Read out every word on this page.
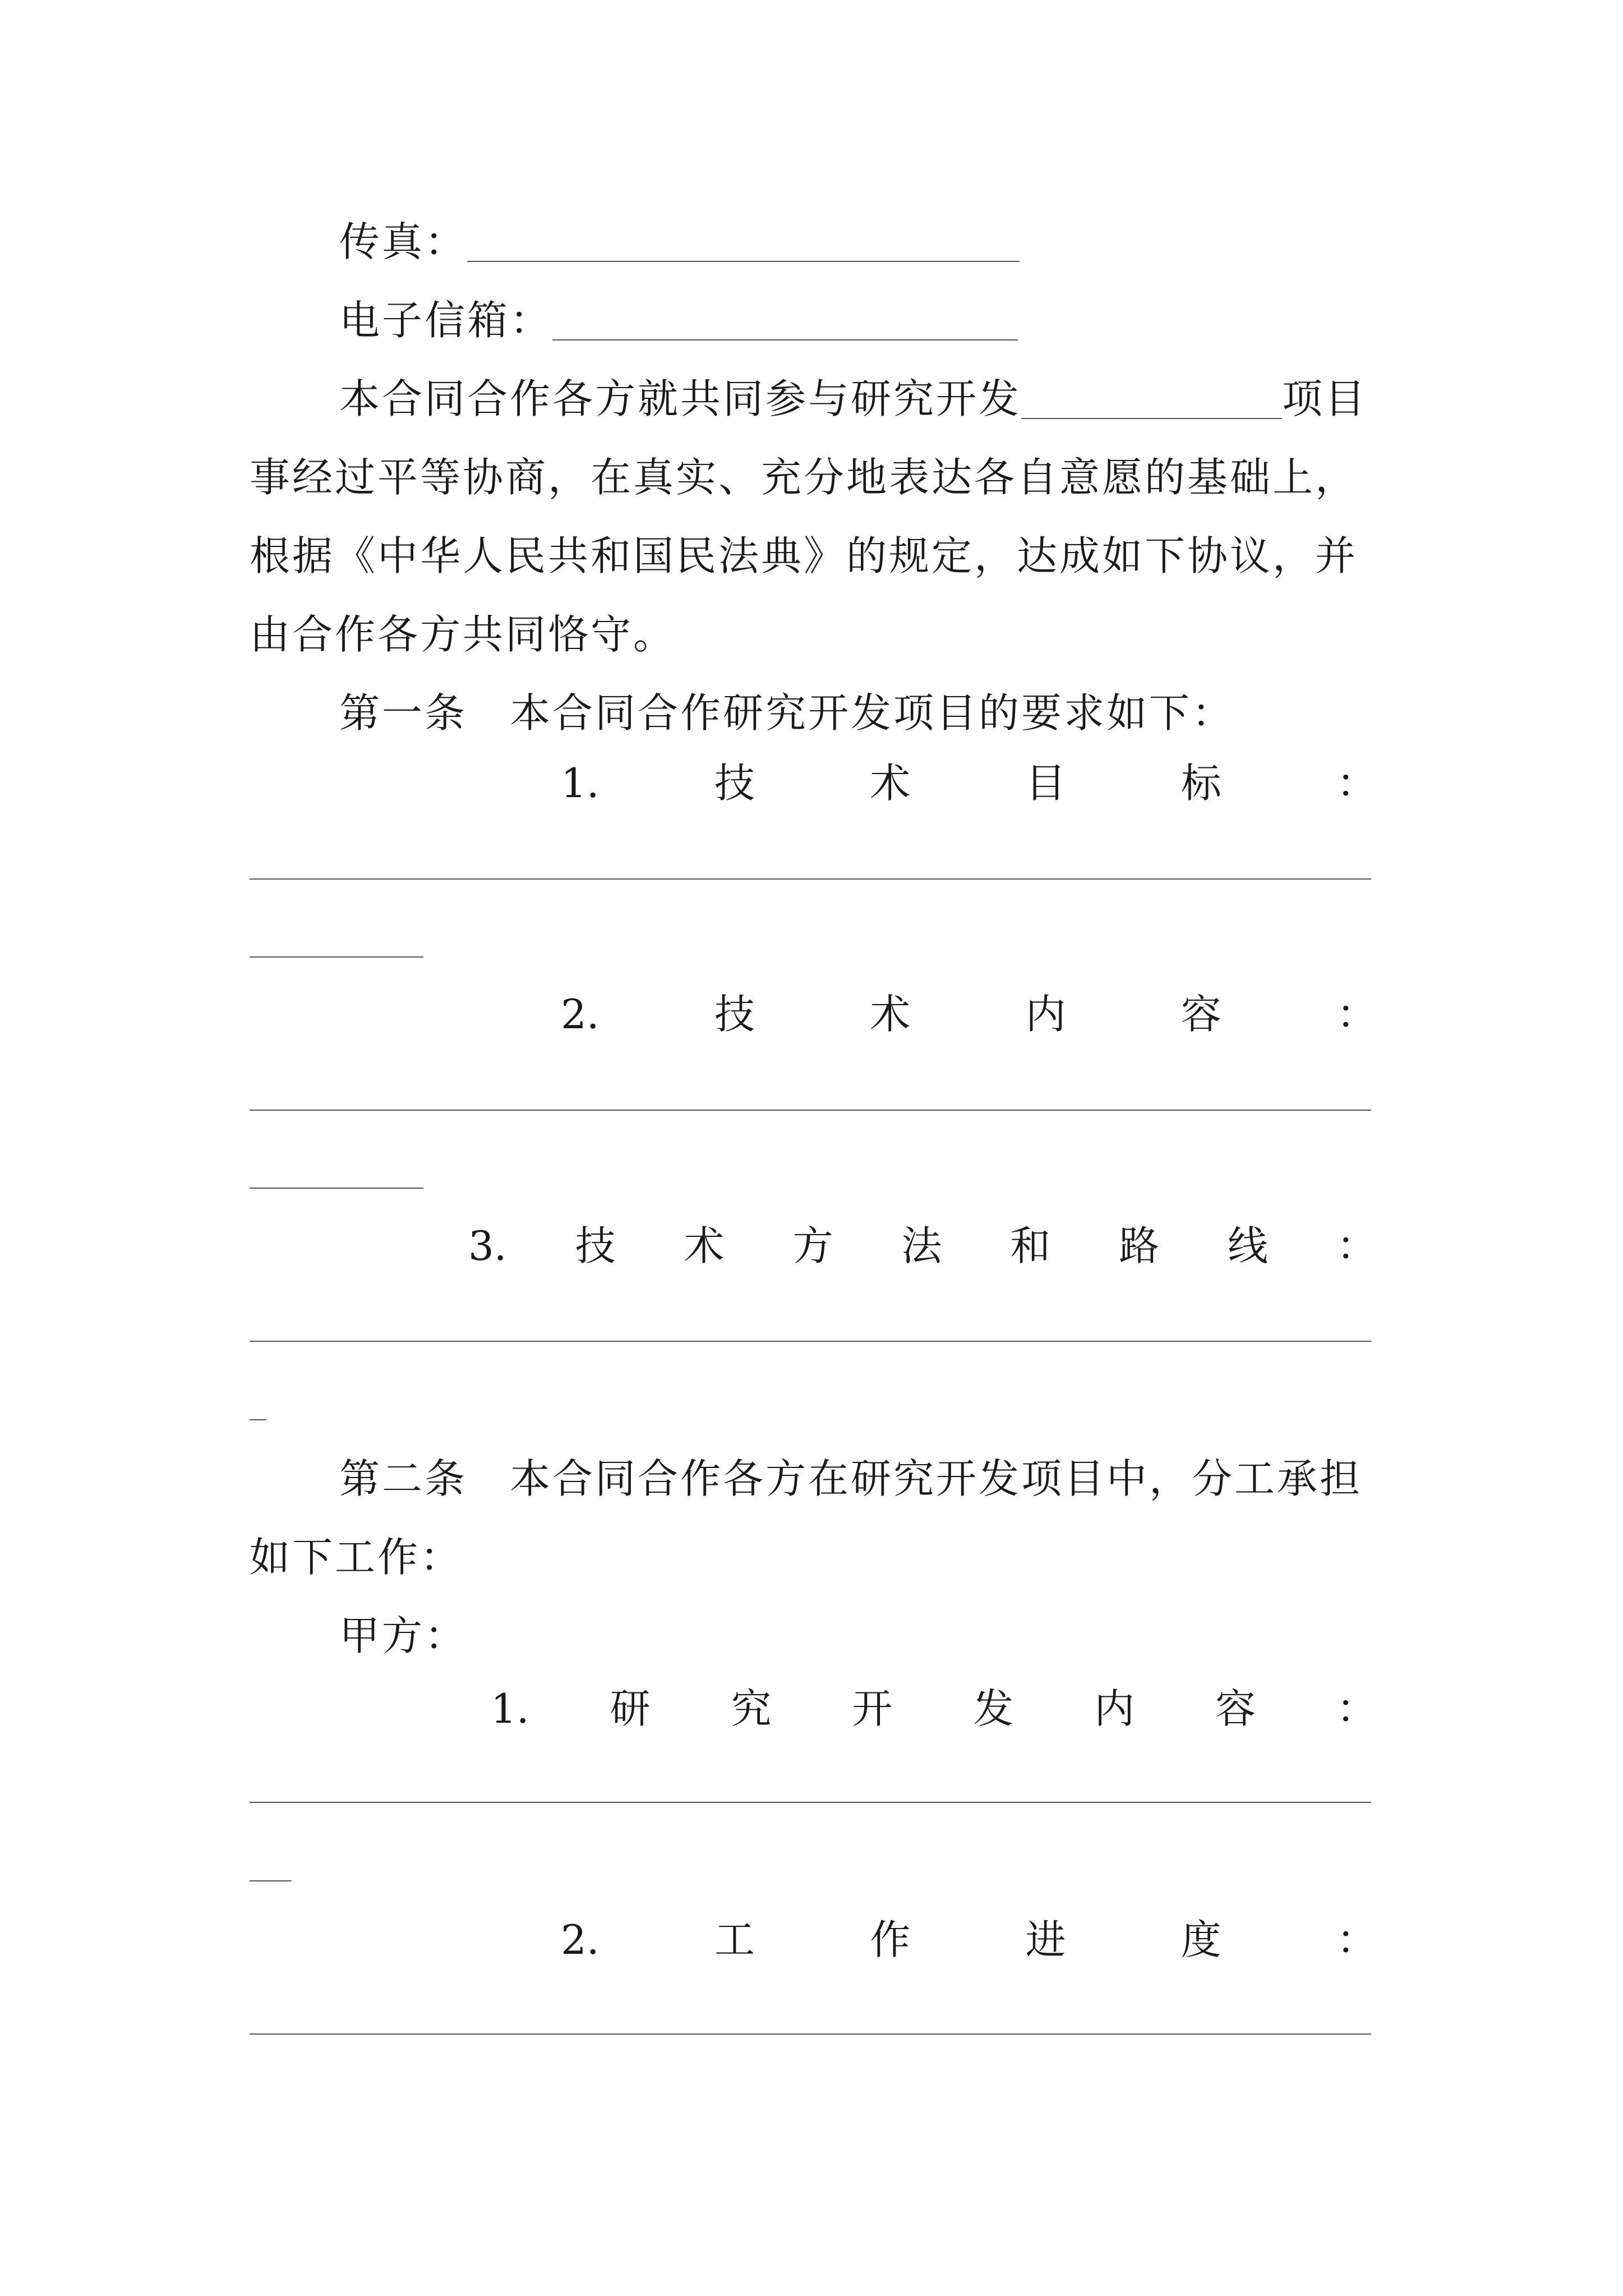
传真：
电子信箱：
本合同合作各方就共同参与研究开发	项目
事经过平等协商，在真实、充分地表达各自意愿的基础上，
根据《中华人民共和国民法典》的规定，达成如下协议，并
由合作各方共同恪守。
第一条　本合同合作研究开发项目的要求如下：
1.	技	术	目	标	：
2.	技	术	内	容	：
3. 技 术 方 法 和 路 线 ：
第二条　本合同合作各方在研究开发项目中，分工承担
如下工作：
甲方：
1. 研 究 开 发 内 容 ：
2.	工	作	进	度	：
